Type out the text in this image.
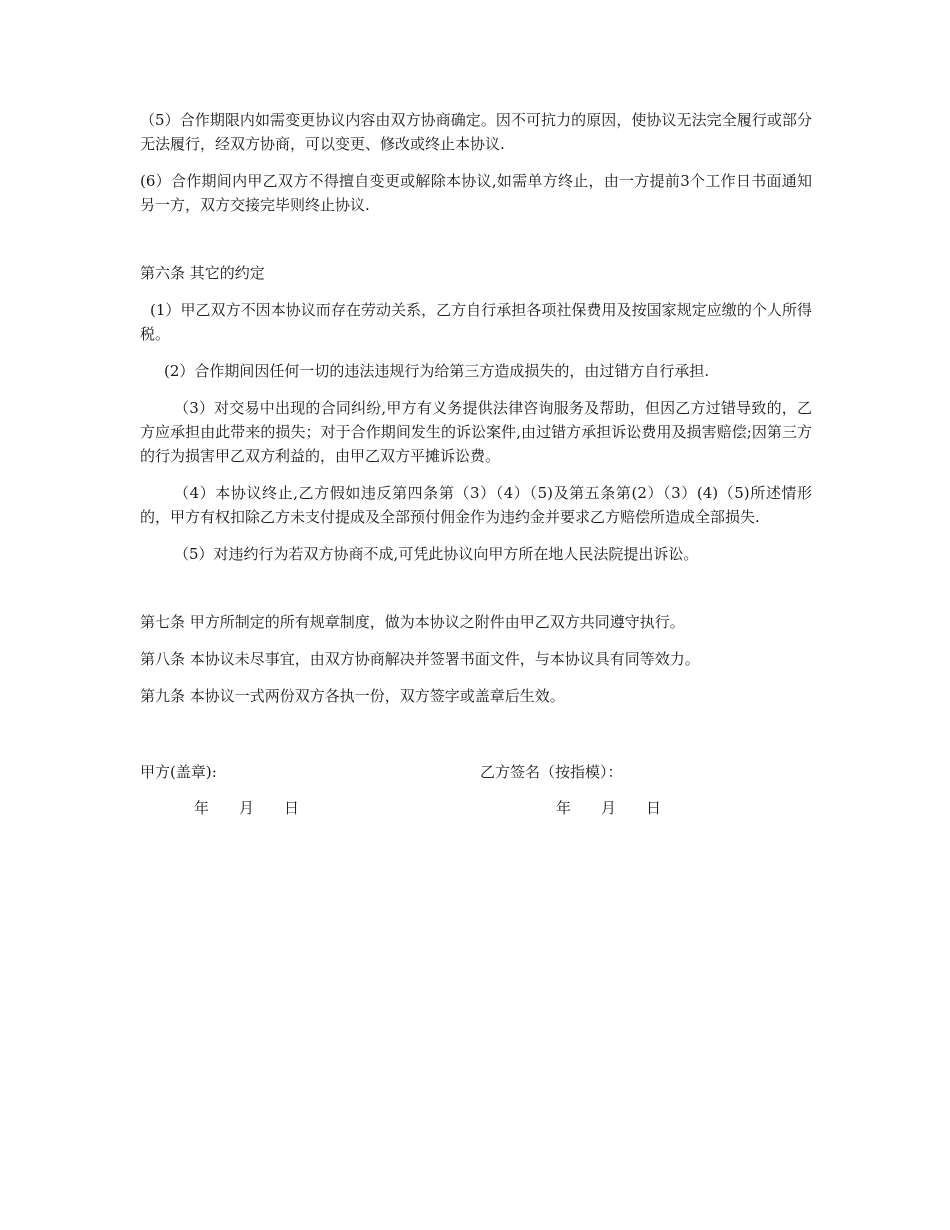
（5）合作期限内如需变更协议内容由双方协商确定。因不可抗力的原因，使协议无法完全履行或部分无法履行，经双方协商，可以变更、修改或终止本协议.

(6）合作期间内甲乙双方不得擅自变更或解除本协议,如需单方终止，由一方提前3个工作日书面通知另一方，双方交接完毕则终止协议.

第六条 其它的约定

(1）甲乙双方不因本协议而存在劳动关系，乙方自行承担各项社保费用及按国家规定应缴的个人所得税。

(2）合作期间因任何一切的违法违规行为给第三方造成损失的，由过错方自行承担.

（3）对交易中出现的合同纠纷,甲方有义务提供法律咨询服务及帮助，但因乙方过错导致的，乙方应承担由此带来的损失；对于合作期间发生的诉讼案件,由过错方承担诉讼费用及损害赔偿;因第三方的行为损害甲乙双方利益的，由甲乙双方平摊诉讼费。

（4）本协议终止,乙方假如违反第四条第（3）（4）（5)及第五条第(2）（3）(4)（5)所述情形的，甲方有权扣除乙方未支付提成及全部预付佣金作为违约金并要求乙方赔偿所造成全部损失.

（5）对违约行为若双方协商不成,可凭此协议向甲方所在地人民法院提出诉讼。

第七条 甲方所制定的所有规章制度，做为本协议之附件由甲乙双方共同遵守执行。

第八条 本协议未尽事宜，由双方协商解决并签署书面文件，与本协议具有同等效力。

第九条 本协议一式两份双方各执一份，双方签字或盖章后生效。

甲方(盖章):	乙方签名（按指模）：
年　　月　　日	年　　月　　日
